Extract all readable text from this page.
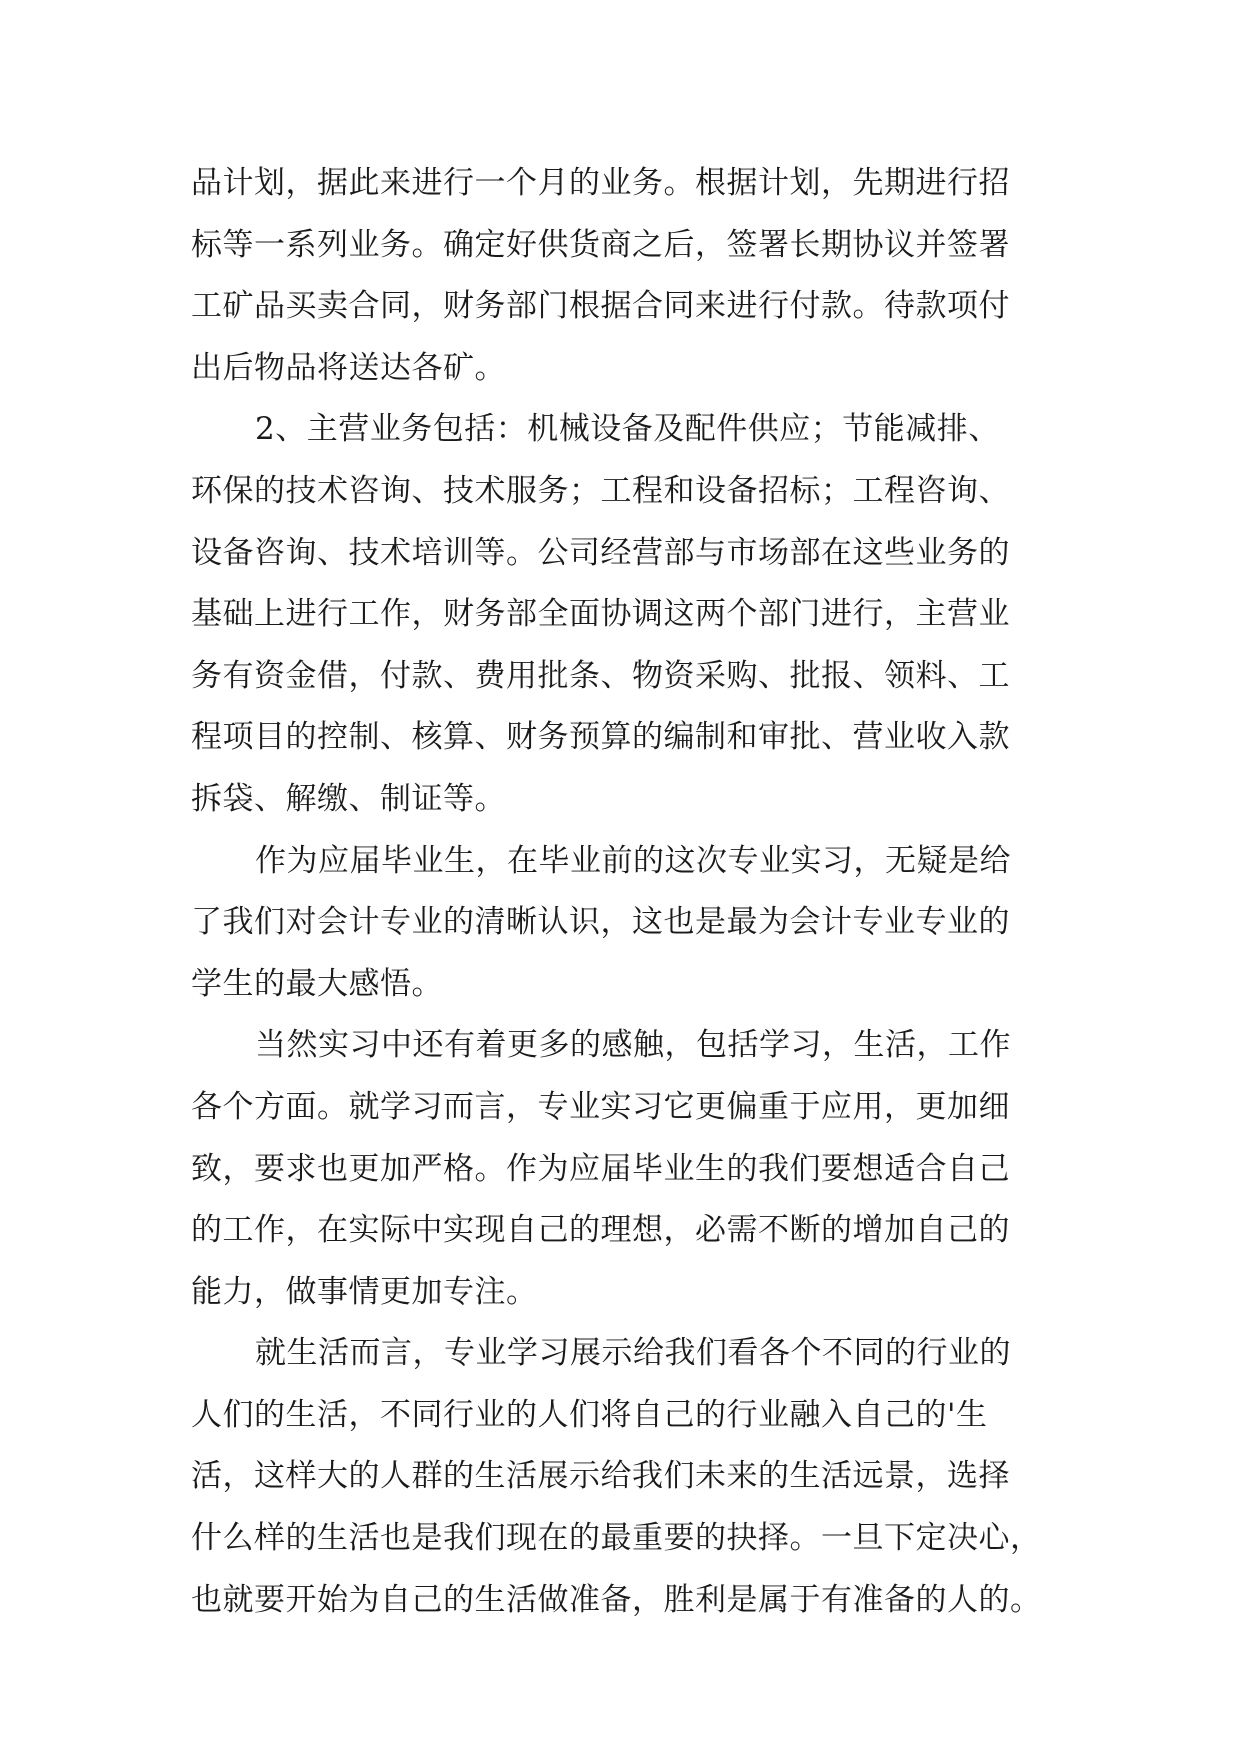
品计划，据此来进行一个月的业务。根据计划，先期进行招
标等一系列业务。确定好供货商之后，签署长期协议并签署
工矿品买卖合同，财务部门根据合同来进行付款。待款项付
出后物品将送达各矿。
2、主营业务包括：机械设备及配件供应；节能减排、
环保的技术咨询、技术服务；工程和设备招标；工程咨询、
设备咨询、技术培训等。公司经营部与市场部在这些业务的
基础上进行工作，财务部全面协调这两个部门进行，主营业
务有资金借，付款、费用批条、物资采购、批报、领料、工
程项目的控制、核算、财务预算的编制和审批、营业收入款
拆袋、解缴、制证等。
作为应届毕业生，在毕业前的这次专业实习，无疑是给
了我们对会计专业的清晰认识，这也是最为会计专业专业的
学生的最大感悟。
当然实习中还有着更多的感触，包括学习，生活，工作
各个方面。就学习而言，专业实习它更偏重于应用，更加细
致，要求也更加严格。作为应届毕业生的我们要想适合自己
的工作，在实际中实现自己的理想，必需不断的增加自己的
能力，做事情更加专注。
就生活而言，专业学习展示给我们看各个不同的行业的
人们的生活，不同行业的人们将自己的行业融入自己的'生
活，这样大的人群的生活展示给我们未来的生活远景，选择
什么样的生活也是我们现在的最重要的抉择。一旦下定决心，
也就要开始为自己的生活做准备，胜利是属于有准备的人的。
